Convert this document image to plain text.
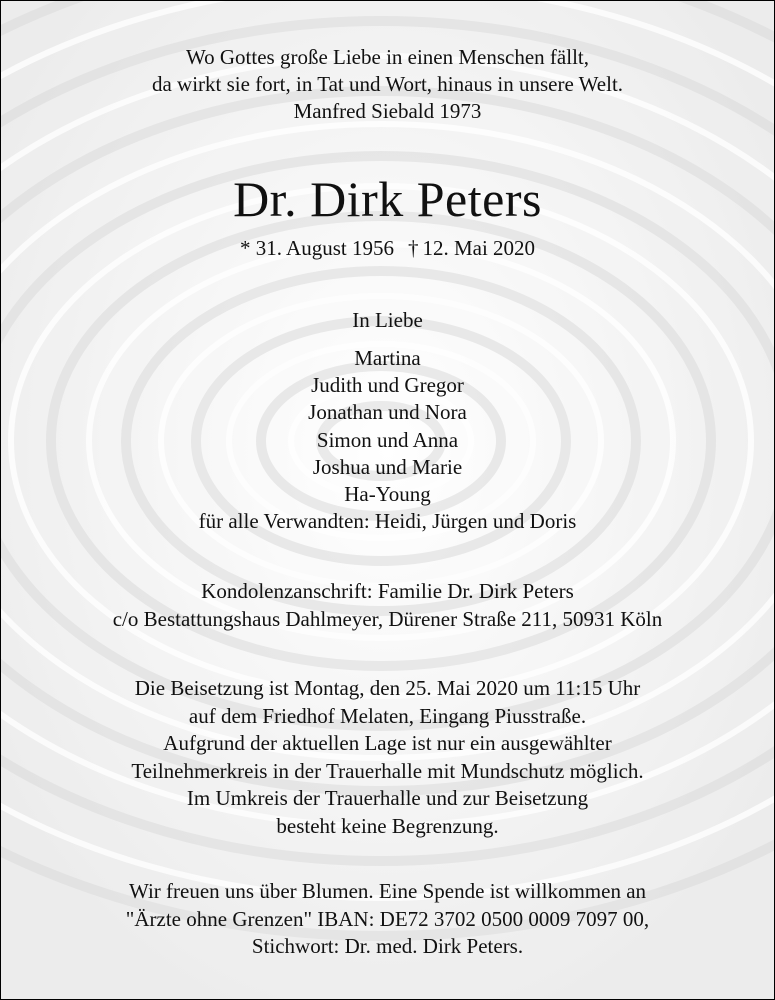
Wo Gottes große Liebe in einen Menschen fällt,
da wirkt sie fort, in Tat und Wort, hinaus in unsere Welt.
Manfred Siebald 1973
Dr. Dirk Peters
* 31. August 1956 † 12. Mai 2020
In Liebe
Martina
Judith und Gregor
Jonathan und Nora
Simon und Anna
Joshua und Marie
Ha-Young
für alle Verwandten: Heidi, Jürgen und Doris
Kondolenzanschrift: Familie Dr. Dirk Peters
c/o Bestattungshaus Dahlmeyer, Dürener Straße 211, 50931 Köln
Die Beisetzung ist Montag, den 25. Mai 2020 um 11:15 Uhr
auf dem Friedhof Melaten, Eingang Piusstraße.
Aufgrund der aktuellen Lage ist nur ein ausgewählter
Teilnehmerkreis in der Trauerhalle mit Mundschutz möglich.
Im Umkreis der Trauerhalle und zur Beisetzung
besteht keine Begrenzung.
Wir freuen uns über Blumen. Eine Spende ist willkommen an
"Ärzte ohne Grenzen" IBAN: DE72 3702 0500 0009 7097 00,
Stichwort: Dr. med. Dirk Peters.
